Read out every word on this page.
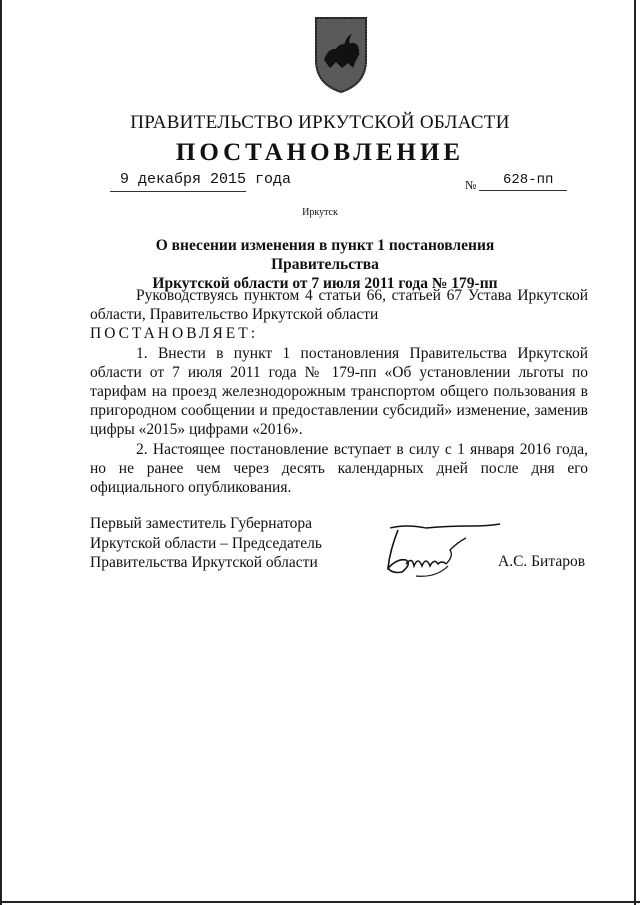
ПРАВИТЕЛЬСТВО ИРКУТСКОЙ ОБЛАСТИ
ПОСТАНОВЛЕНИЕ
9 декабря 2015 года	№ 628-пп
Иркутск
О внесении изменения в пункт 1 постановления Правительства
Иркутской области от 7 июля 2011 года № 179-пп

Руководствуясь пунктом 4 статьи 66, статьей 67 Устава Иркутской области, Правительство Иркутской области

ПОСТАНОВЛЯЕТ:

1. Внести в пункт 1 постановления Правительства Иркутской области от 7 июля 2011 года № 179-пп «Об установлении льготы по тарифам на проезд железнодорожным транспортом общего пользования в пригородном сообщении и предоставлении субсидий» изменение, заменив цифры «2015» цифрами «2016».

2. Настоящее постановление вступает в силу с 1 января 2016 года, но не ранее чем через десять календарных дней после дня его официального опубликования.

Первый заместитель Губернатора
Иркутской области – Председатель
Правительства Иркутской области	А.С. Битаров
